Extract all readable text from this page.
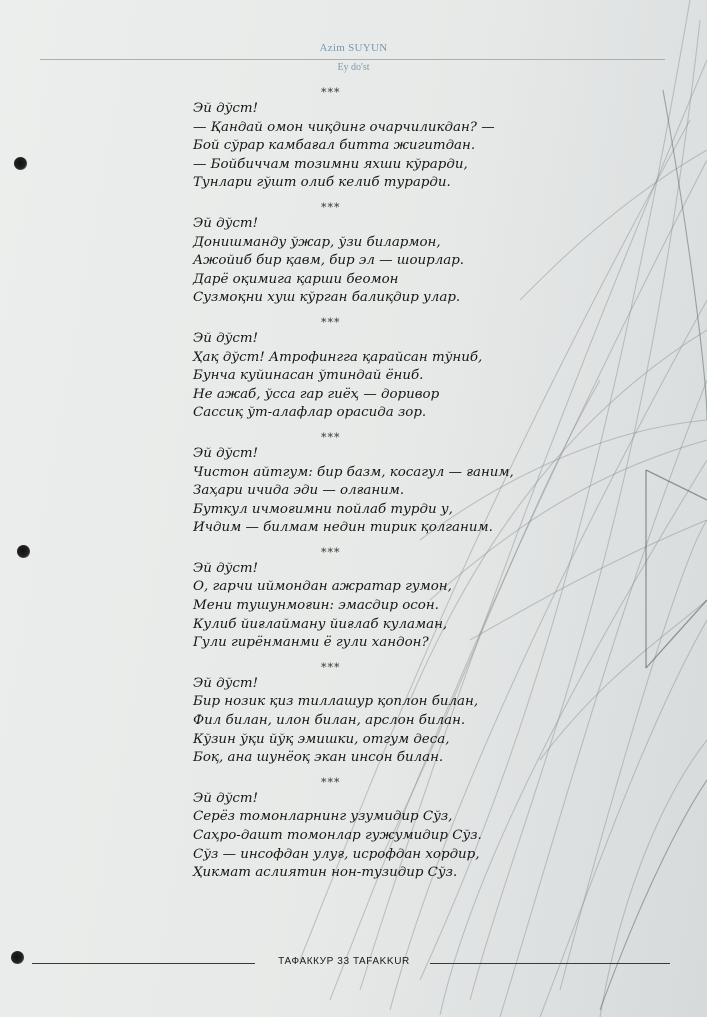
Azim SUYUN
Ey do'st
***
Эй дўст!
— Қандай омон чиқдинг очарчиликдан? —
Бой сўрар камбағал битта жигитдан.
— Бойбиччам тозимни яхши кўрарди,
Тунлари гўшт олиб келиб турарди.
***
Эй дўст!
Донишманду ўжар, ўзи билармон,
Ажойиб бир қавм, бир эл — шоирлар.
Дарё оқимига қарши беомон
Сузмоқни хуш кўрган балиқдир улар.
***
Эй дўст!
Ҳақ дўст! Атрофингга қарайсан тўниб,
Бунча куйинасан ўтиндай ёниб.
Не ажаб, ўсса гар гиёҳ — доривор
Сассиқ ўт-алафлар орасида зор.
***
Эй дўст!
Чистон айтгум: бир базм, косагул — ғаним,
Заҳари ичида эди — олғаним.
Буткул ичмоғимни пойлаб турди у,
Ичдим — билмам недин тирик қолганим.
***
Эй дўст!
О, гарчи иймондан ажратар гумон,
Мени тушунмоғин: эмасдир осон.
Кулиб йиғлайману йиғлаб куламан,
Гули гирёнманми ё гули хандон?
***
Эй дўст!
Бир нозик қиз тиллашур қоплон билан,
Фил билан, илон билан, арслон билан.
Кўзин ўқи йўқ эмишки, отгум деса,
Боқ, ана шунёоқ экан инсон билан.
***
Эй дўст!
Серёз томонларнинг узумидир Сўз,
Саҳро-дашт томонлар гужумидир Сўз.
Сўз — инсофдан улуғ, исрофдан хордир,
Ҳикмат аслиятин нон-тузидир Сўз.
ТАФАККУР 33 TAFAKKUR
